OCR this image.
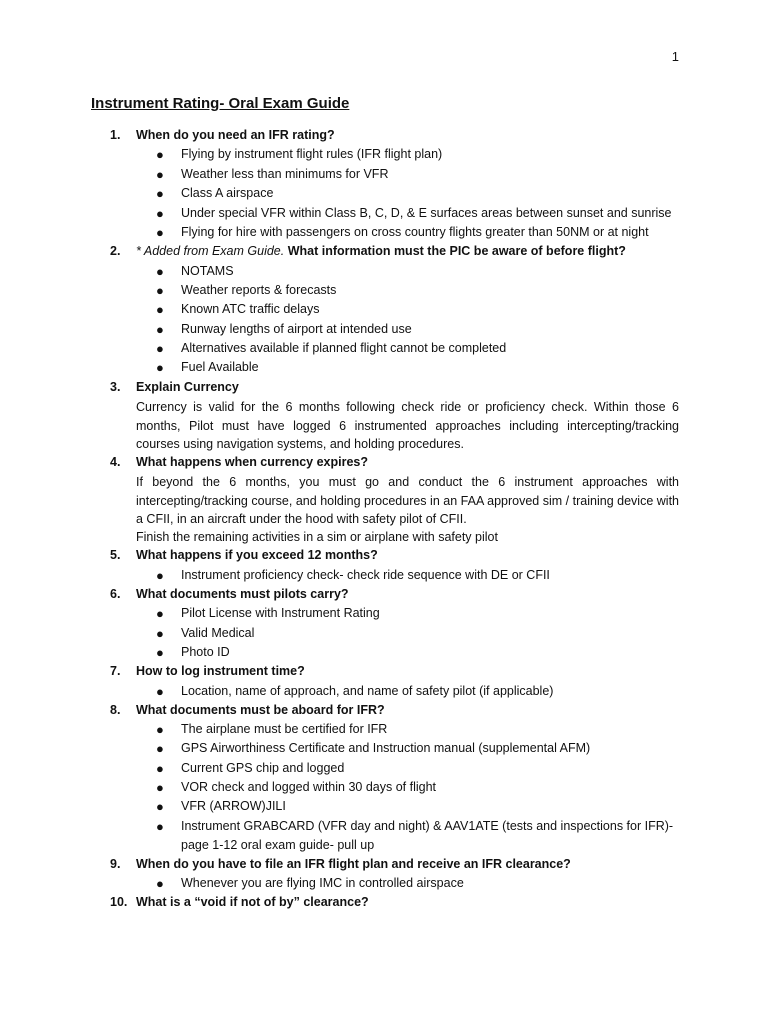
1
Instrument Rating- Oral Exam Guide
1.	When do you need an IFR rating?
● Flying by instrument flight rules (IFR flight plan)
● Weather less than minimums for VFR
● Class A airspace
● Under special VFR within Class B, C, D, & E surfaces areas between sunset and sunrise
● Flying for hire with passengers on cross country flights greater than 50NM or at night
2.	* Added from Exam Guide. What information must the PIC be aware of before flight?
● NOTAMS
● Weather reports & forecasts
● Known ATC traffic delays
● Runway lengths of airport at intended use
● Alternatives available if planned flight cannot be completed
● Fuel Available
3.	Explain Currency
Currency is valid for the 6 months following check ride or proficiency check. Within those 6 months, Pilot must have logged 6 instrumented approaches including intercepting/tracking courses using navigation systems, and holding procedures.
4.	What happens when currency expires?
If beyond the 6 months, you must go and conduct the 6 instrument approaches with intercepting/tracking course, and holding procedures in an FAA approved sim / training device with a CFII, in an aircraft under the hood with safety pilot of CFII.
Finish the remaining activities in a sim or airplane with safety pilot
5.	What happens if you exceed 12 months?
● Instrument proficiency check- check ride sequence with DE or CFII
6.	What documents must pilots carry?
● Pilot License with Instrument Rating
● Valid Medical
● Photo ID
7.	How to log instrument time?
● Location, name of approach, and name of safety pilot (if applicable)
8.	What documents must be aboard for IFR?
● The airplane must be certified for IFR
● GPS Airworthiness Certificate and Instruction manual (supplemental AFM)
● Current GPS chip and logged
● VOR check and logged within 30 days of flight
● VFR (ARROW)JILI
● Instrument GRABCARD (VFR day and night) & AAV1ATE (tests and inspections for IFR)-
page 1-12 oral exam guide- pull up
9.	When do you have to file an IFR flight plan and receive an IFR clearance?
● Whenever you are flying IMC in controlled airspace
10. What is a “void if not of by” clearance?
